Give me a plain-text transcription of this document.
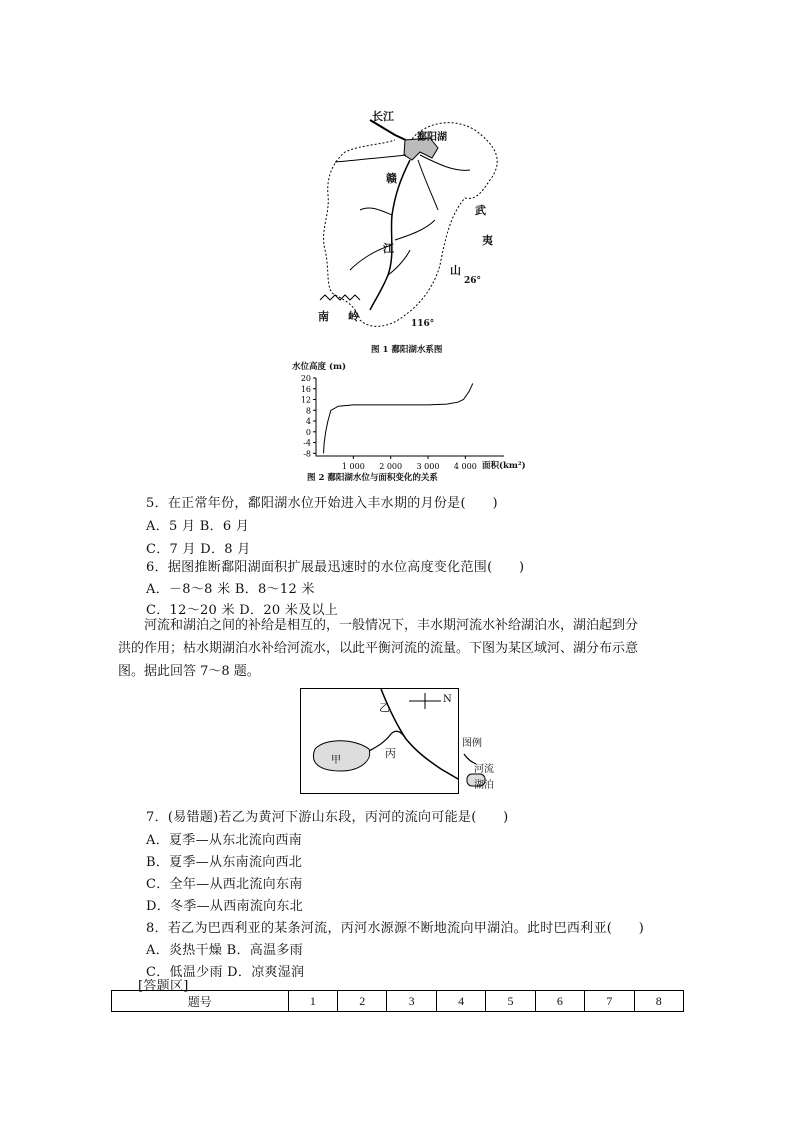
长江
鄱阳湖
赣
江
武
夷
山
26°
南 岭
116°
图 1 鄱阳湖水系图
水位高度 (m)
20
16
12
8
4
0
-4
-8
1 000 2 000 3 000 4 000 面积(km²)
图 2 鄱阳湖水位与面积变化的关系
5．在正常年份，鄱阳湖水位开始进入丰水期的月份是(　　)
A．5 月 B．6 月
C．7 月 D．8 月
6．据图推断鄱阳湖面积扩展最迅速时的水位高度变化范围(　　)
A．－8～8 米 B．8～12 米
C．12～20 米 D．20 米及以上
　　河流和湖泊之间的补给是相互的，一般情况下，丰水期河流水补给湖泊水，湖泊起到分
洪的作用；枯水期湖泊水补给河流水，以此平衡河流的流量。下图为某区域河、湖分布示意
图。据此回答 7～8 题。
乙
丙
甲
N
图例
河流
湖泊
7．(易错题)若乙为黄河下游山东段，丙河的流向可能是(　　)
A．夏季—从东北流向西南
B．夏季—从东南流向西北
C．全年—从西北流向东南
D．冬季—从西南流向东北
8．若乙为巴西利亚的某条河流，丙河水源源不断地流向甲湖泊。此时巴西利亚(　　)
A．炎热干燥 B．高温多雨
C．低温少雨 D．凉爽湿润
[答题区]
题号	1	2	3	4	5	6	7	8
